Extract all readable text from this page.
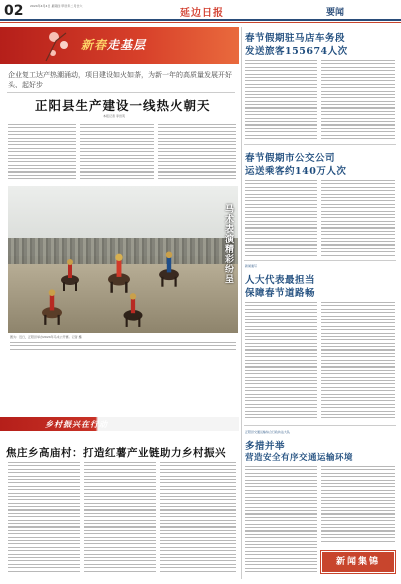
02 2024年4月4日 星期四 甲辰年二月廿六
延边日报	要闻
新春走基层
企业复工达产热潮涌动，项目建设如火如荼，为新一年的高质量发展开好头、起好步
正阳县生产建设一线热火朝天
本报记者 李田英
马术表演精彩纷呈
图为：近日，正阳县举办2024年马术公开赛。记者 摄
乡村振兴在行动
焦庄乡高庙村：打造红薯产业链助力乡村振兴
春节假期驻马店车务段
发送旅客155674人次
春节假期市公交公司
运送乘客约140万人次
新闻速写
人大代表最担当
保障春节道路畅
正阳县交通运输综合行政执法大队
多措并举
营造安全有序交通运输环境
新闻集锦
